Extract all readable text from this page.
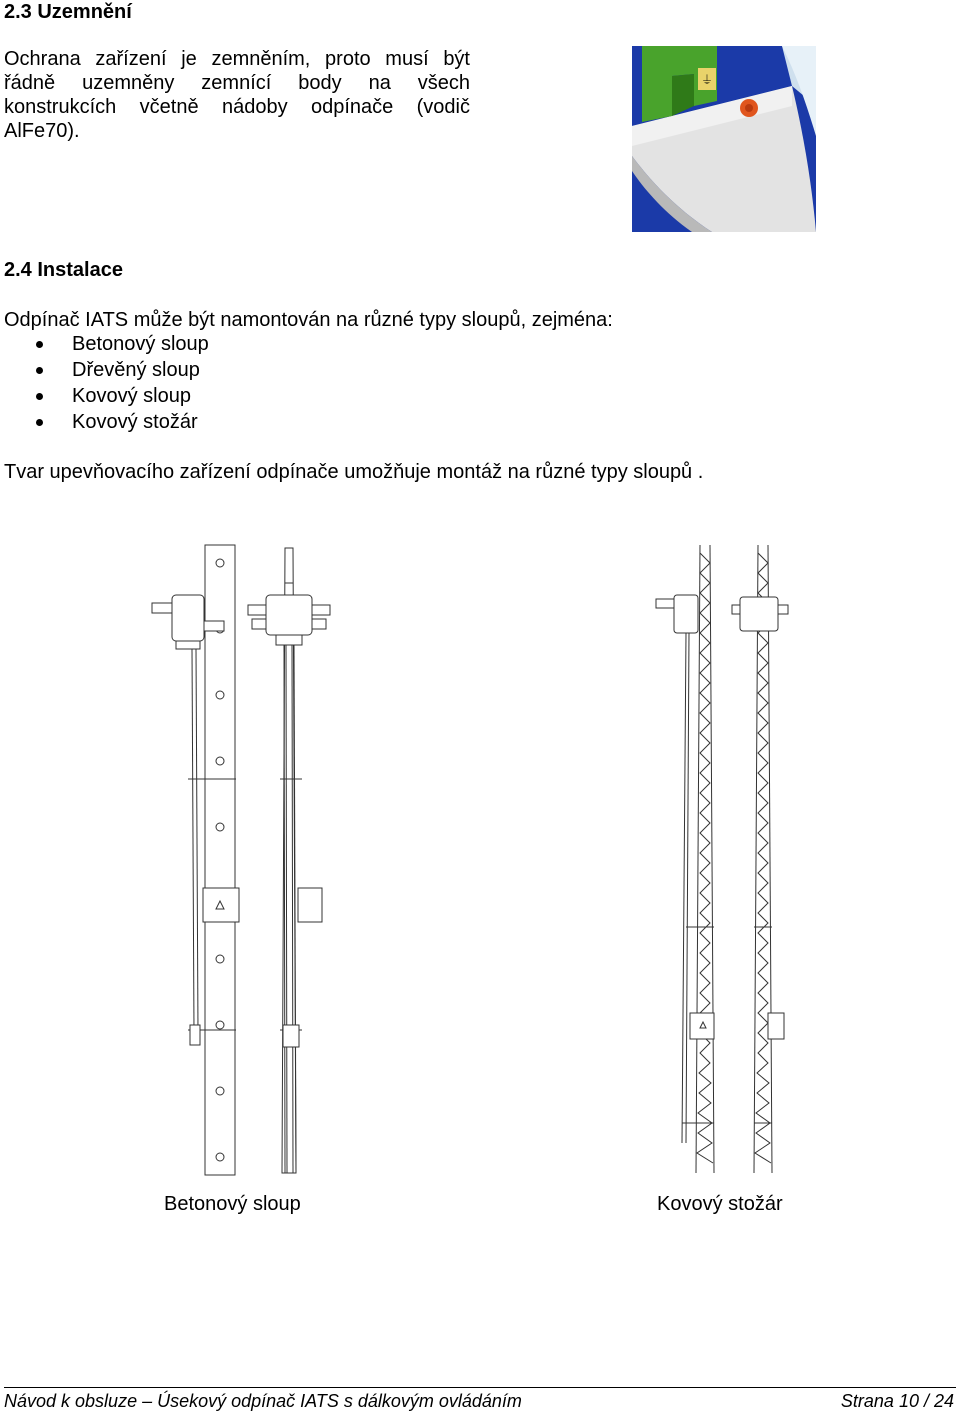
2.3 Uzemnění

Ochrana zařízení je zemněním, proto musí být řádně uzemněny zemnící body na všech konstrukcích včetně nádoby odpínače (vodič AlFe70).

⏚
2.4 Instalace

Odpínač IATS může být namontován na různé typy sloupů, zejména:

Betonový sloup
Dřevěný sloup
Kovový sloup
Kovový stožár

Tvar upevňovacího zařízení odpínače umožňuje montáž na různé typy sloupů .

Betonový sloup	Kovový stožár
Návod k obsluze – Úsekový odpínač IATS s dálkovým ovládáním	Strana 10 / 24
